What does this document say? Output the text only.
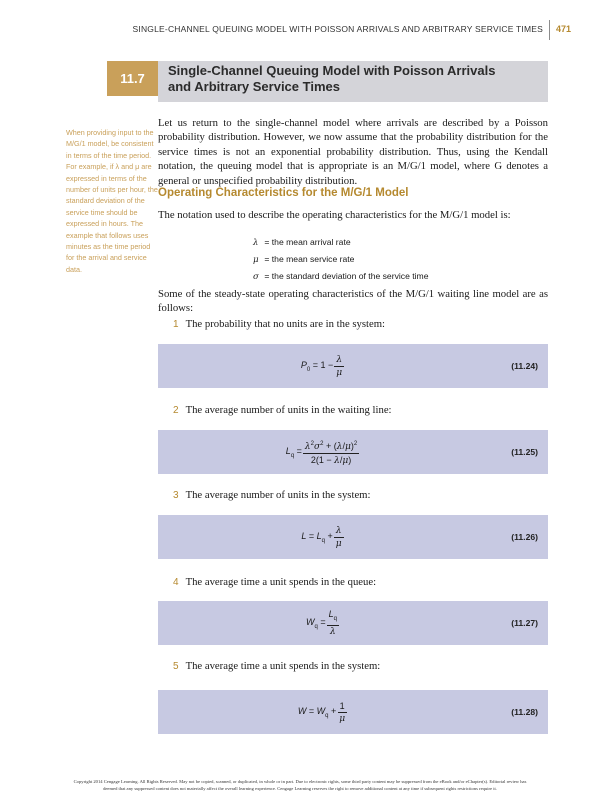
SINGLE-CHANNEL QUEUING MODEL WITH POISSON ARRIVALS AND ARBITRARY SERVICE TIMES 471
11.7
Single-Channel Queuing Model with Poisson Arrivals
and Arbitrary Service Times
When providing input to the M/G/1 model, be consistent in terms of the time period. For example, if λ and μ are expressed in terms of the number of units per hour, the standard deviation of the service time should be expressed in hours. The example that follows uses minutes as the time period for the arrival and service data.

Let us return to the single-channel model where arrivals are described by a Poisson probability distribution. However, we now assume that the probability distribution for the service times is not an exponential probability distribution. Thus, using the Kendall notation, the queuing model that is appropriate is an M/G/1 model, where G denotes a general or unspecified probability distribution.

Operating Characteristics for the M/G/1 Model

The notation used to describe the operating characteristics for the M/G/1 model is:

λ = the mean arrival rate
μ = the mean service rate
σ = the standard deviation of the service time

Some of the steady-state operating characteristics of the M/G/1 waiting line model are as follows:

1 The probability that no units are in the system:
$P_0 = 1 - \frac{\lambda}{\mu}$	(11.24)
2 The average number of units in the waiting line:
$L_q = \frac{\lambda^2\sigma^2 + (\lambda/\mu)^2}{2(1 - \lambda/\mu)}$	(11.25)
3 The average number of units in the system:
$L = L_q + \frac{\lambda}{\mu}$	(11.26)
4 The average time a unit spends in the queue:
$W_q = \frac{L_q}{\lambda}$	(11.27)
5 The average time a unit spends in the system:
$W = W_q + \frac{1}{\mu}$	(11.28)
Copyright 2014 Cengage Learning. All Rights Reserved. May not be copied, scanned, or duplicated, in whole or in part. Due to electronic rights, some third party content may be suppressed from the eBook and/or eChapter(s). Editorial review has
deemed that any suppressed content does not materially affect the overall learning experience. Cengage Learning reserves the right to remove additional content at any time if subsequent rights restrictions require it.
